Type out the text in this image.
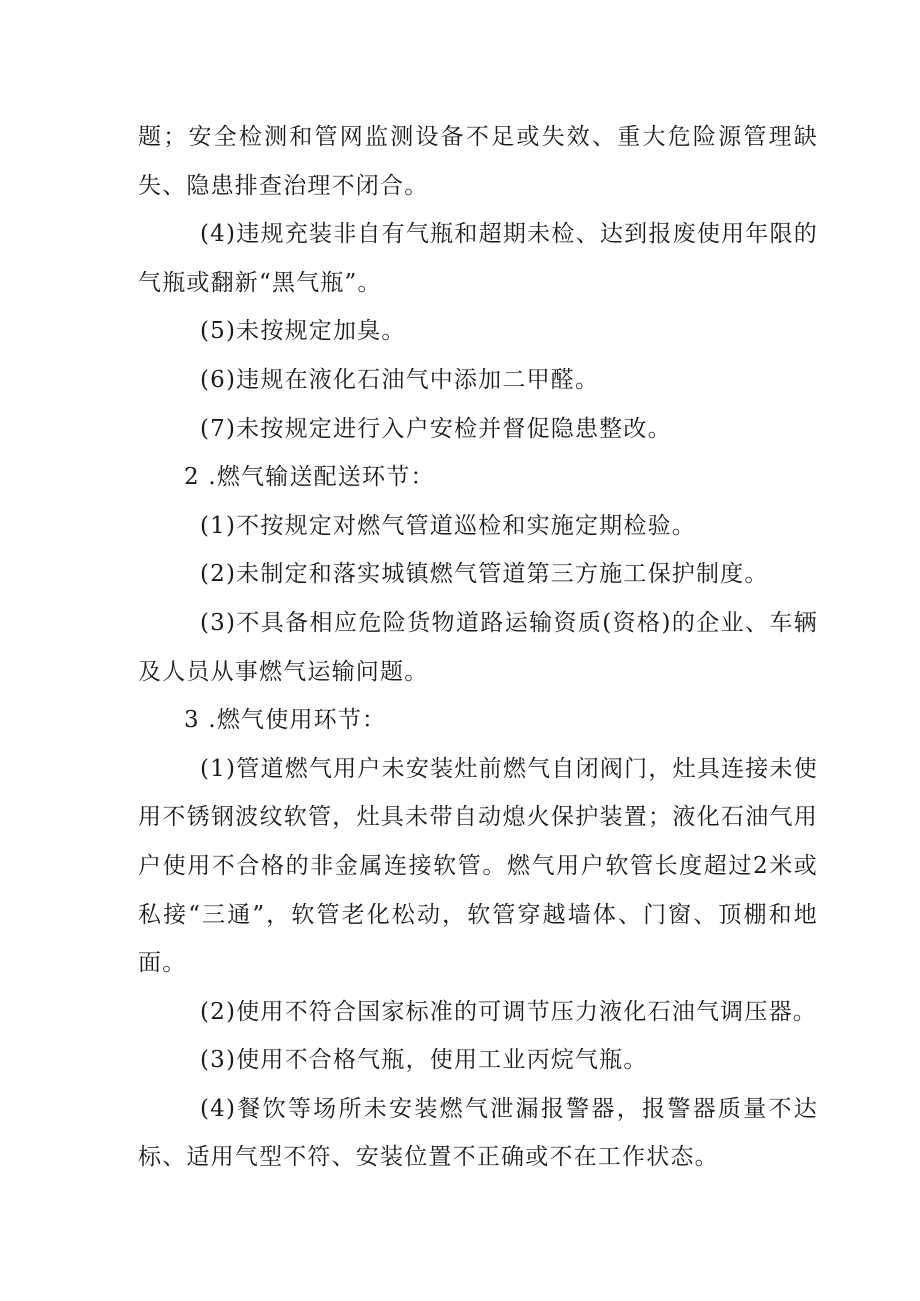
题；安全检测和管网监测设备不足或失效、重大危险源管理缺失、隐患排查治理不闭合。

(4)违规充装非自有气瓶和超期未检、达到报废使用年限的气瓶或翻新“黑气瓶”。

(5)未按规定加臭。

(6)违规在液化石油气中添加二甲醛。

(7)未按规定进行入户安检并督促隐患整改。

2 .燃气输送配送环节：

(1)不按规定对燃气管道巡检和实施定期检验。

(2)未制定和落实城镇燃气管道第三方施工保护制度。

(3)不具备相应危险货物道路运输资质(资格)的企业、车辆及人员从事燃气运输问题。

3 .燃气使用环节：

(1)管道燃气用户未安装灶前燃气自闭阀门，灶具连接未使用不锈钢波纹软管，灶具未带自动熄火保护装置；液化石油气用户使用不合格的非金属连接软管。燃气用户软管长度超过2米或私接“三通”，软管老化松动，软管穿越墙体、门窗、顶棚和地面。

(2)使用不符合国家标准的可调节压力液化石油气调压器。

(3)使用不合格气瓶，使用工业丙烷气瓶。

(4)餐饮等场所未安装燃气泄漏报警器，报警器质量不达标、适用气型不符、安装位置不正确或不在工作状态。
